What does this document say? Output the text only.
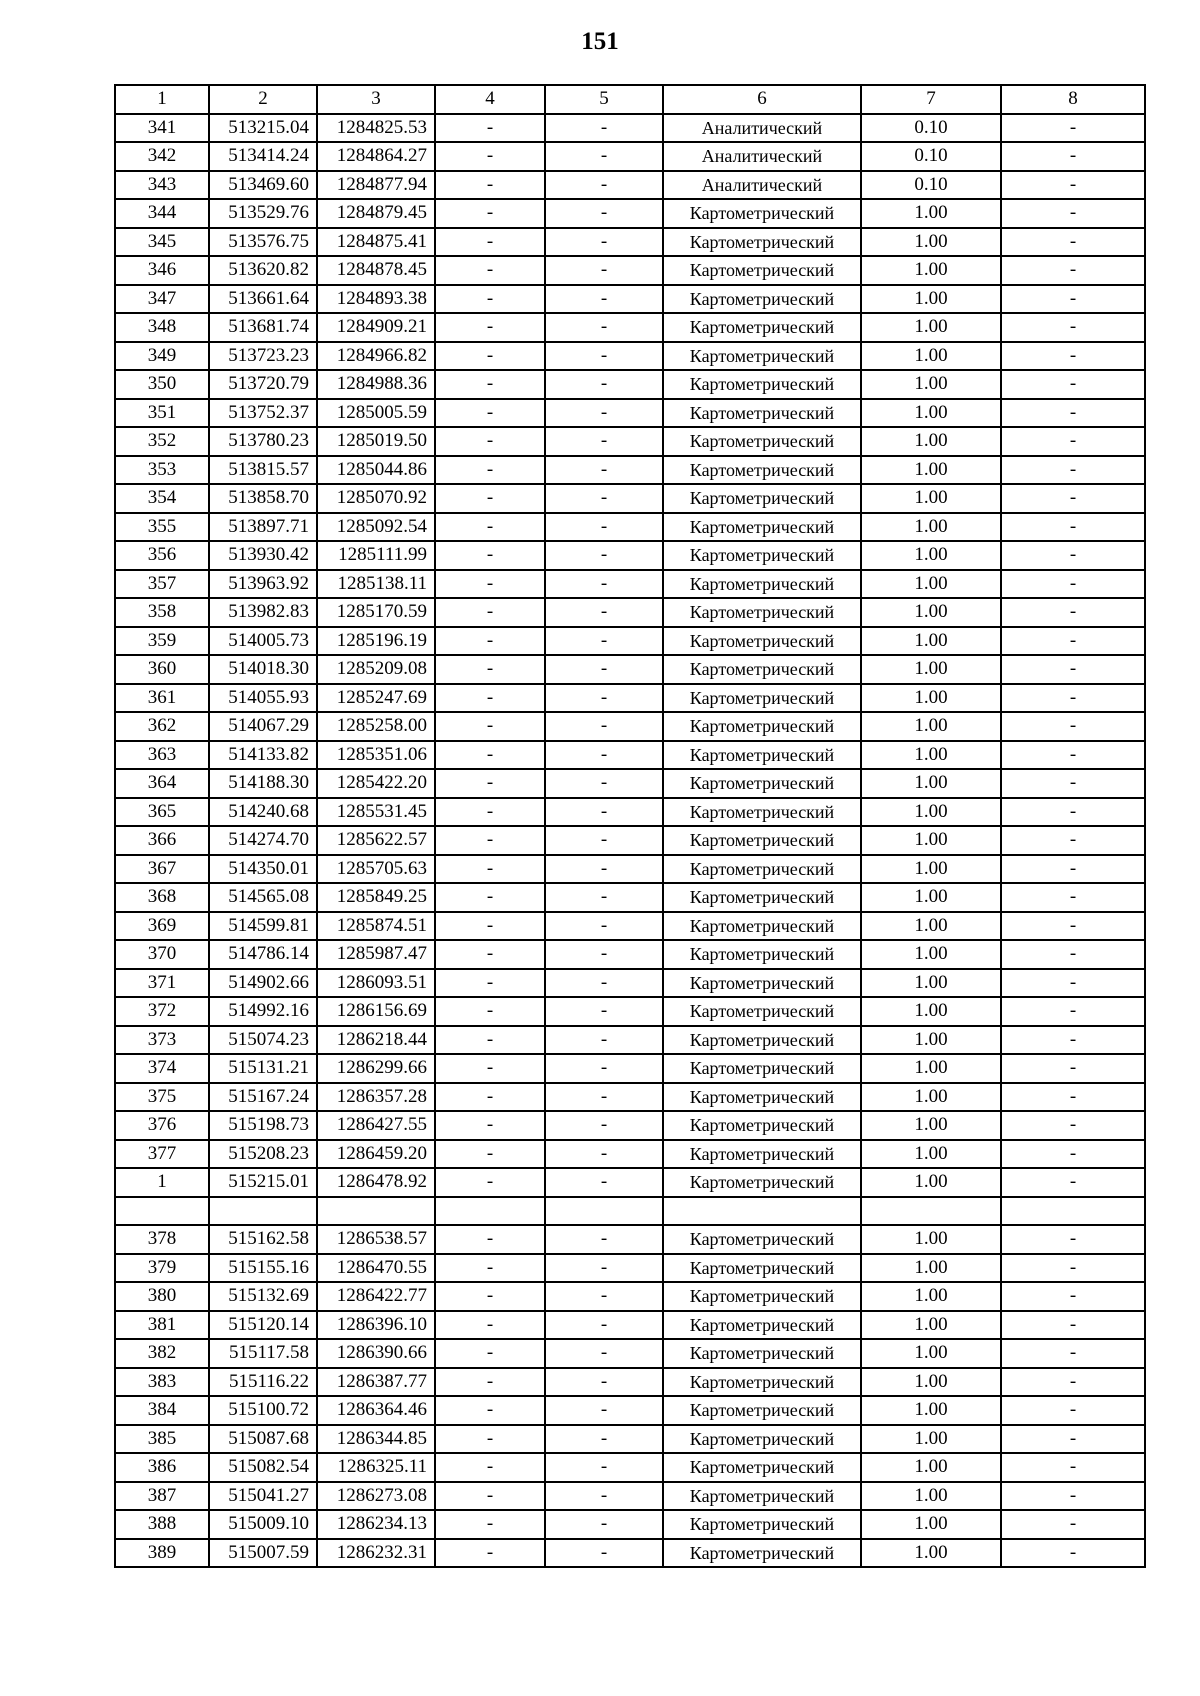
151
1	2	3	4	5	6	7	8
341	513215.04	1284825.53	-	-	Аналитический	0.10	-
342	513414.24	1284864.27	-	-	Аналитический	0.10	-
343	513469.60	1284877.94	-	-	Аналитический	0.10	-
344	513529.76	1284879.45	-	-	Картометрический	1.00	-
345	513576.75	1284875.41	-	-	Картометрический	1.00	-
346	513620.82	1284878.45	-	-	Картометрический	1.00	-
347	513661.64	1284893.38	-	-	Картометрический	1.00	-
348	513681.74	1284909.21	-	-	Картометрический	1.00	-
349	513723.23	1284966.82	-	-	Картометрический	1.00	-
350	513720.79	1284988.36	-	-	Картометрический	1.00	-
351	513752.37	1285005.59	-	-	Картометрический	1.00	-
352	513780.23	1285019.50	-	-	Картометрический	1.00	-
353	513815.57	1285044.86	-	-	Картометрический	1.00	-
354	513858.70	1285070.92	-	-	Картометрический	1.00	-
355	513897.71	1285092.54	-	-	Картометрический	1.00	-
356	513930.42	1285111.99	-	-	Картометрический	1.00	-
357	513963.92	1285138.11	-	-	Картометрический	1.00	-
358	513982.83	1285170.59	-	-	Картометрический	1.00	-
359	514005.73	1285196.19	-	-	Картометрический	1.00	-
360	514018.30	1285209.08	-	-	Картометрический	1.00	-
361	514055.93	1285247.69	-	-	Картометрический	1.00	-
362	514067.29	1285258.00	-	-	Картометрический	1.00	-
363	514133.82	1285351.06	-	-	Картометрический	1.00	-
364	514188.30	1285422.20	-	-	Картометрический	1.00	-
365	514240.68	1285531.45	-	-	Картометрический	1.00	-
366	514274.70	1285622.57	-	-	Картометрический	1.00	-
367	514350.01	1285705.63	-	-	Картометрический	1.00	-
368	514565.08	1285849.25	-	-	Картометрический	1.00	-
369	514599.81	1285874.51	-	-	Картометрический	1.00	-
370	514786.14	1285987.47	-	-	Картометрический	1.00	-
371	514902.66	1286093.51	-	-	Картометрический	1.00	-
372	514992.16	1286156.69	-	-	Картометрический	1.00	-
373	515074.23	1286218.44	-	-	Картометрический	1.00	-
374	515131.21	1286299.66	-	-	Картометрический	1.00	-
375	515167.24	1286357.28	-	-	Картометрический	1.00	-
376	515198.73	1286427.55	-	-	Картометрический	1.00	-
377	515208.23	1286459.20	-	-	Картометрический	1.00	-
1	515215.01	1286478.92	-	-	Картометрический	1.00	-

378	515162.58	1286538.57	-	-	Картометрический	1.00	-
379	515155.16	1286470.55	-	-	Картометрический	1.00	-
380	515132.69	1286422.77	-	-	Картометрический	1.00	-
381	515120.14	1286396.10	-	-	Картометрический	1.00	-
382	515117.58	1286390.66	-	-	Картометрический	1.00	-
383	515116.22	1286387.77	-	-	Картометрический	1.00	-
384	515100.72	1286364.46	-	-	Картометрический	1.00	-
385	515087.68	1286344.85	-	-	Картометрический	1.00	-
386	515082.54	1286325.11	-	-	Картометрический	1.00	-
387	515041.27	1286273.08	-	-	Картометрический	1.00	-
388	515009.10	1286234.13	-	-	Картометрический	1.00	-
389	515007.59	1286232.31	-	-	Картометрический	1.00	-
